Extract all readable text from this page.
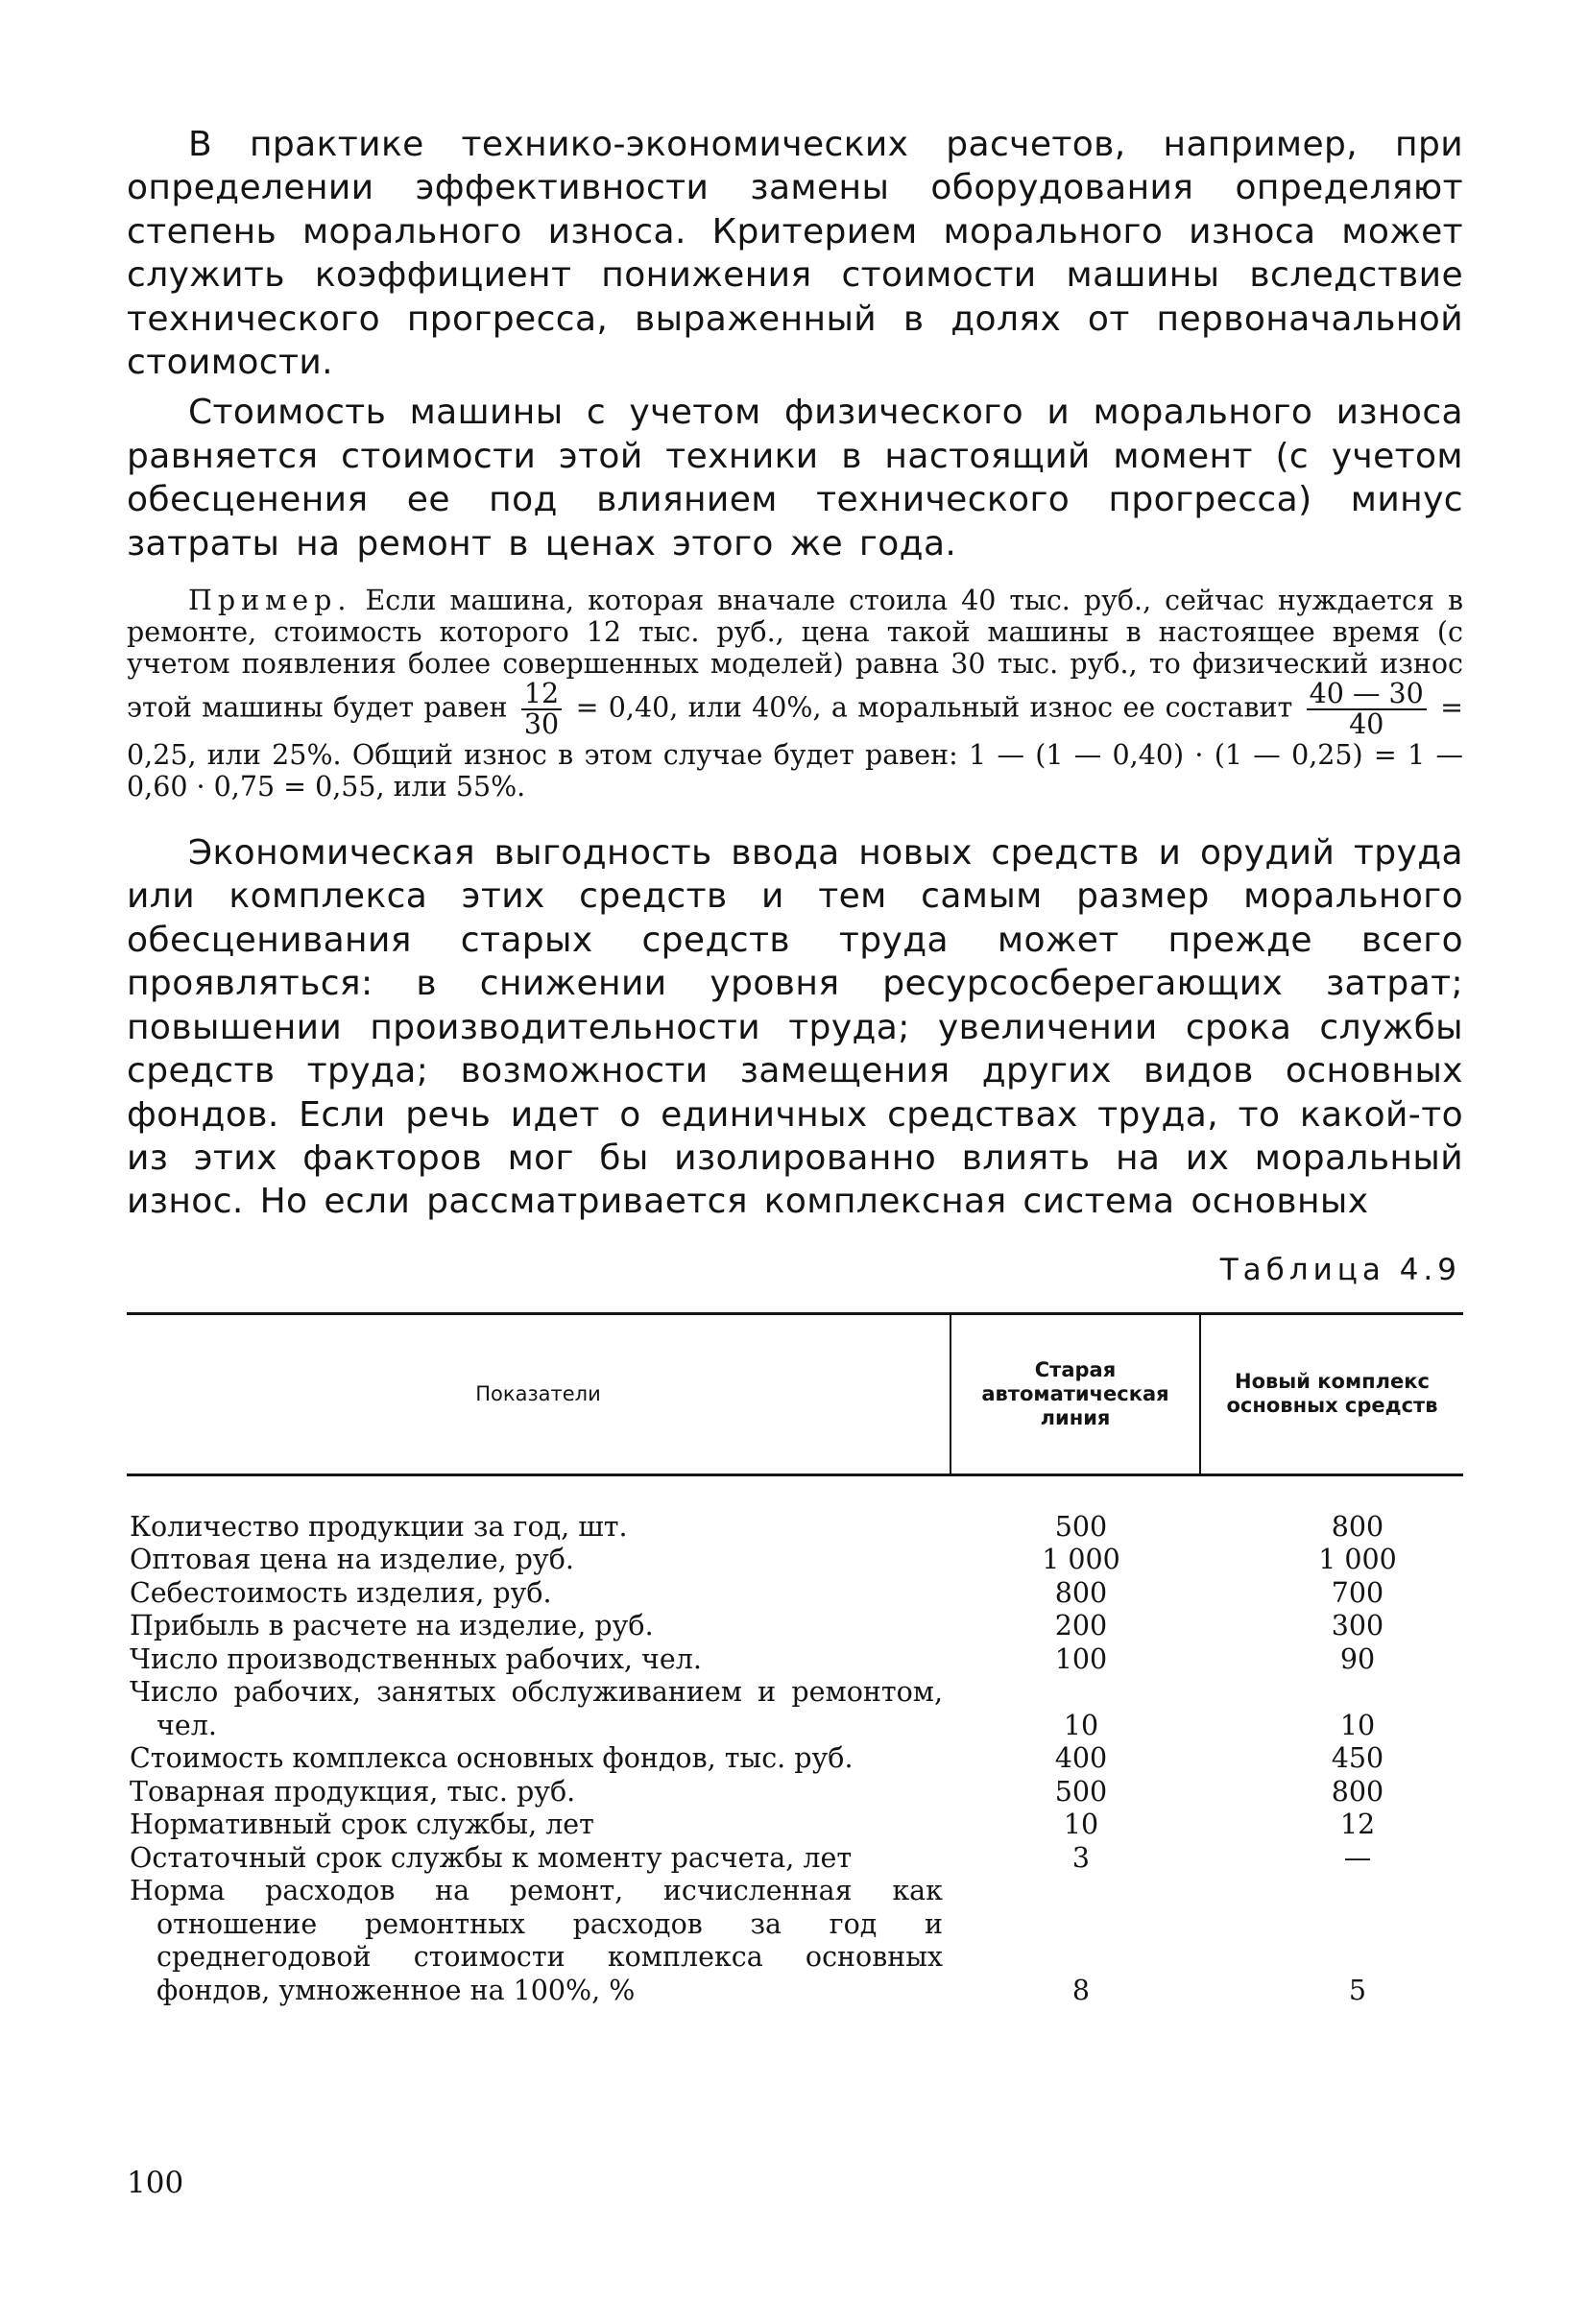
В практике технико-экономических расчетов, например, при определении эффективности замены оборудования определяют степень морального износа. Критерием морального износа может служить коэффициент понижения стоимости машины вследствие технического прогресса, выраженный в долях от первоначальной стоимости.

Стоимость машины с учетом физического и морального износа равняется стоимости этой техники в настоящий момент (с учетом обесценения ее под влиянием технического прогресса) минус затраты на ремонт в ценах этого же года.

Пример. Если машина, которая вначале стоила 40 тыс. руб., сейчас нуждается в ремонте, стоимость которого 12 тыс. руб., цена такой машины в настоящее время (с учетом появления более совершенных моделей) равна 30 тыс. руб., то физический износ этой машины будет равен $\frac{12}{30} = 0,40$, или 40%, а моральный износ ее составит $\frac{40 — 30}{40} = 0,25$, или 25%. Общий износ в этом случае будет равен: 1 — (1 — 0,40) · (1 — 0,25) = 1 — 0,60 · 0,75 = 0,55, или 55%.

Экономическая выгодность ввода новых средств и орудий труда или комплекса этих средств и тем самым размер морального обесценивания старых средств труда может прежде всего проявляться: в снижении уровня ресурсосберегающих затрат; повышении производительности труда; увеличении срока службы средств труда; возможности замещения других видов основных фондов. Если речь идет о единичных средствах труда, то какой-то из этих факторов мог бы изолированно влиять на их моральный износ. Но если рассматривается комплексная система основных

Таблица 4.9
Показатели	Старая автоматическая линия	Новый комплекс основных средств

Количество продукции за год, шт.	500	800

Оптовая цена на изделие, руб.	1 000	1 000

Себестоимость изделия, руб.	800	700

Прибыль в расчете на изделие, руб.	200	300

Число производственных рабочих, чел.	100	90

Число рабочих, занятых обслуживанием и ремонтом, чел.	10	10

Стоимость комплекса основных фондов, тыс. руб.	400	450

Товарная продукция, тыс. руб.	500	800

Нормативный срок службы, лет	10	12

Остаточный срок службы к моменту расчета, лет	3	—

Норма расходов на ремонт, исчисленная как отношение ремонтных расходов за год и среднегодовой стоимости комплекса основных фондов, умноженное на 100%, %	8	5
100
